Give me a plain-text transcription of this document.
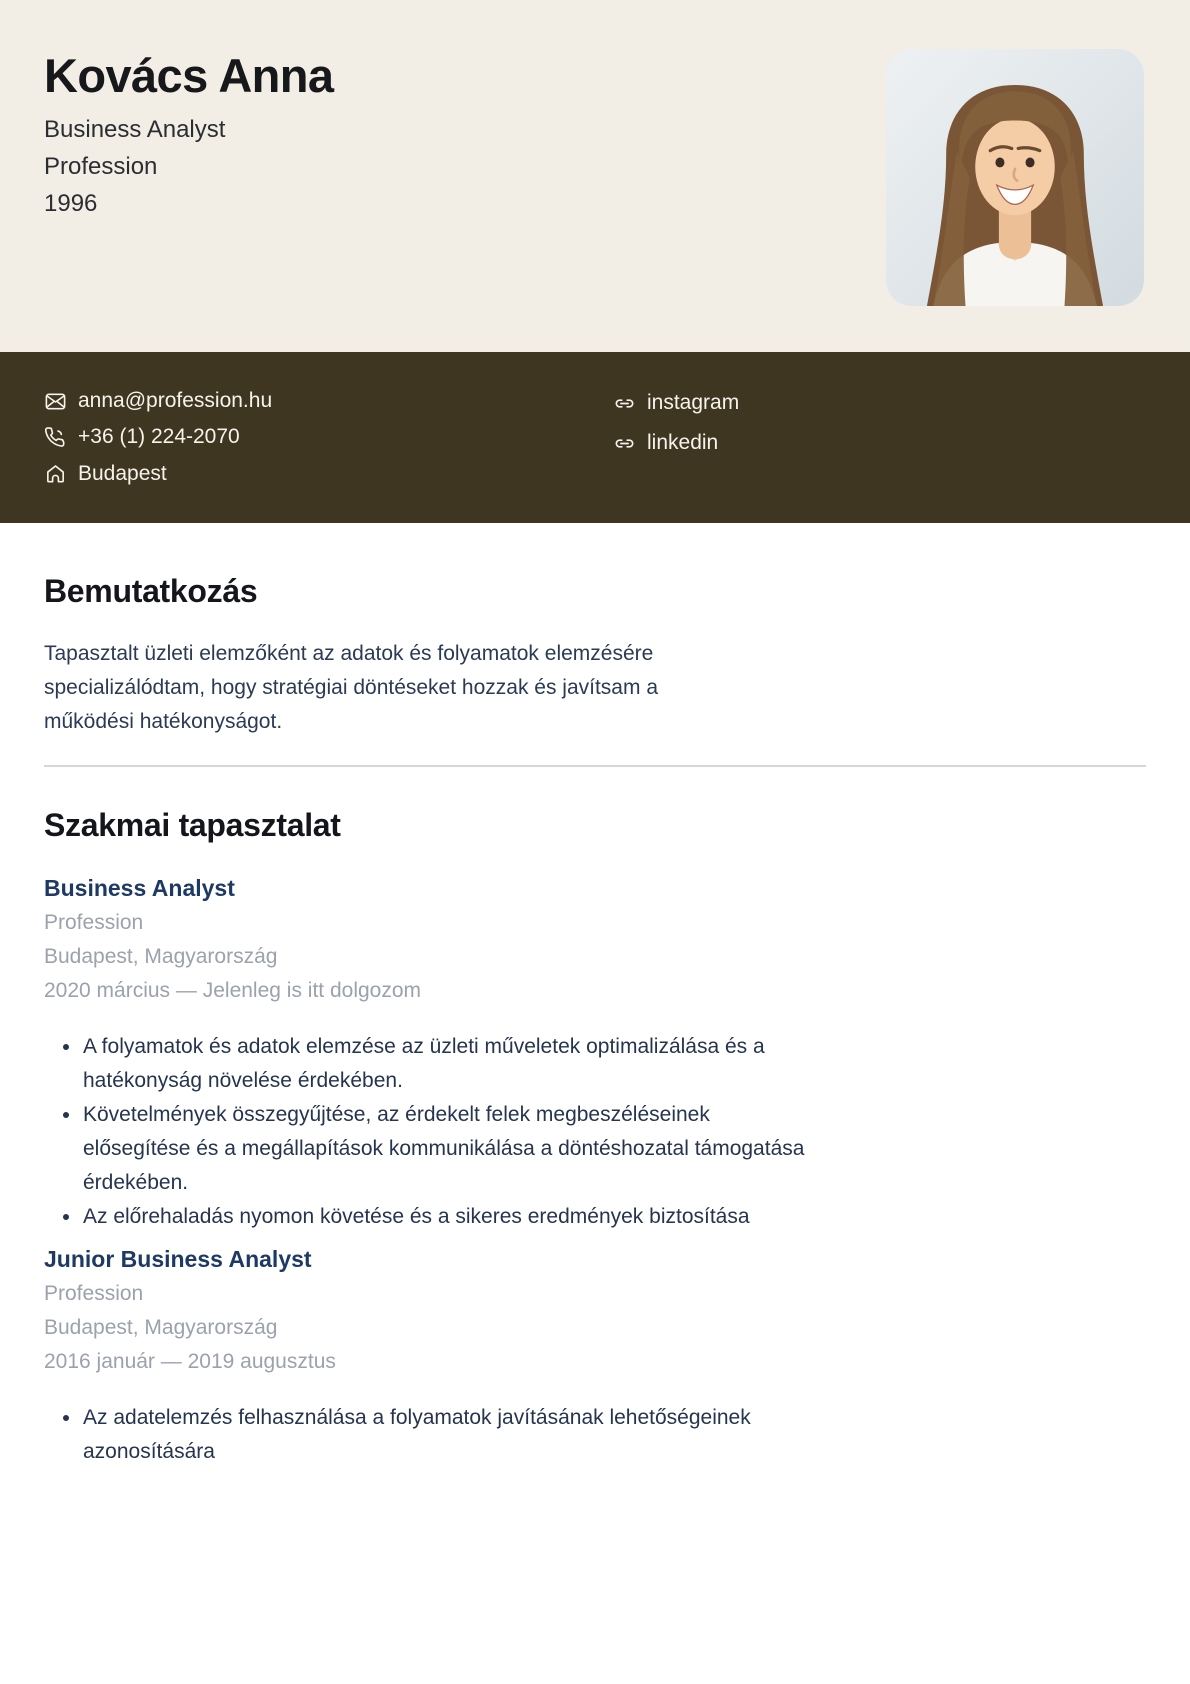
Kovács Anna
Business Analyst
Profession
1996
anna@profession.hu
+36 (1) 224-2070
Budapest
instagram
linkedin
Bemutatkozás

Tapasztalt üzleti elemzőként az adatok és folyamatok elemzésére specializálódtam, hogy stratégiai döntéseket hozzak és javítsam a működési hatékonyságot.

Szakmai tapasztalat
Business Analyst
Profession
Budapest, Magyarország
2020 március — Jelenleg is itt dolgozom
A folyamatok és adatok elemzése az üzleti műveletek optimalizálása és a hatékonyság növelése érdekében.
Követelmények összegyűjtése, az érdekelt felek megbeszéléseinek elősegítése és a megállapítások kommunikálása a döntéshozatal támogatása érdekében.
Az előrehaladás nyomon követése és a sikeres eredmények biztosítása
Junior Business Analyst
Profession
Budapest, Magyarország
2016 január — 2019 augusztus
Az adatelemzés felhasználása a folyamatok javításának lehetőségeinek azonosítására
